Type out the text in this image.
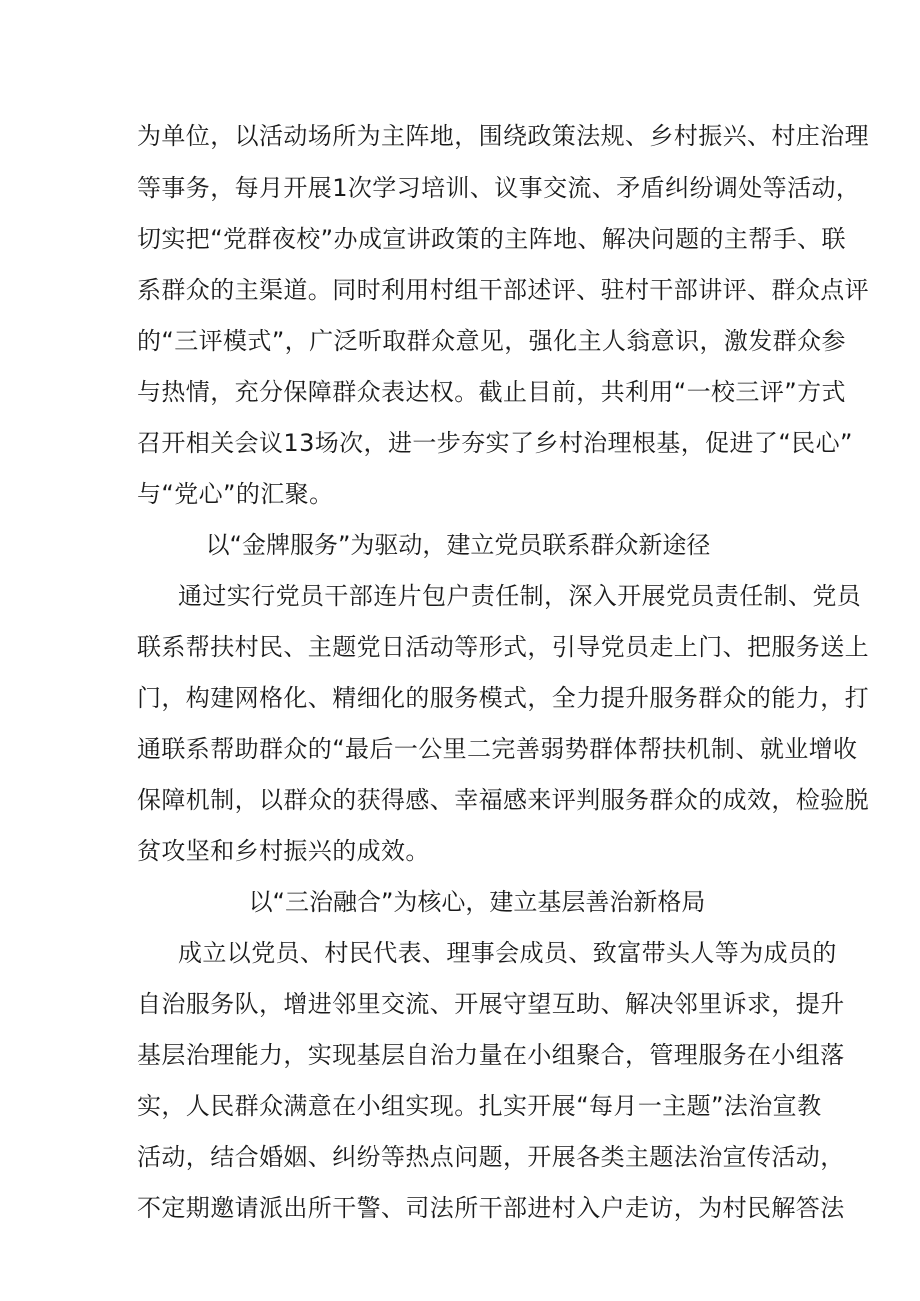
为单位，以活动场所为主阵地，围绕政策法规、乡村振兴、村庄治理
等事务，每月开展1次学习培训、议事交流、矛盾纠纷调处等活动，
切实把“党群夜校”办成宣讲政策的主阵地、解决问题的主帮手、联
系群众的主渠道。同时利用村组干部述评、驻村干部讲评、群众点评
的“三评模式”，广泛听取群众意见，强化主人翁意识，激发群众参
与热情，充分保障群众表达权。截止目前，共利用“一校三评”方式
召开相关会议13场次，进一步夯实了乡村治理根基，促进了“民心”
与“党心”的汇聚。
以“金牌服务”为驱动，建立党员联系群众新途径
通过实行党员干部连片包户责任制，深入开展党员责任制、党员
联系帮扶村民、主题党日活动等形式，引导党员走上门、把服务送上
门，构建网格化、精细化的服务模式，全力提升服务群众的能力，打
通联系帮助群众的“最后一公里二完善弱势群体帮扶机制、就业增收
保障机制，以群众的获得感、幸福感来评判服务群众的成效，检验脱
贫攻坚和乡村振兴的成效。
以“三治融合”为核心，建立基层善治新格局
成立以党员、村民代表、理事会成员、致富带头人等为成员的
自治服务队，增进邻里交流、开展守望互助、解决邻里诉求，提升
基层治理能力，实现基层自治力量在小组聚合，管理服务在小组落
实，人民群众满意在小组实现。扎实开展“每月一主题”法治宣教
活动，结合婚姻、纠纷等热点问题，开展各类主题法治宣传活动，
不定期邀请派出所干警、司法所干部进村入户走访，为村民解答法
